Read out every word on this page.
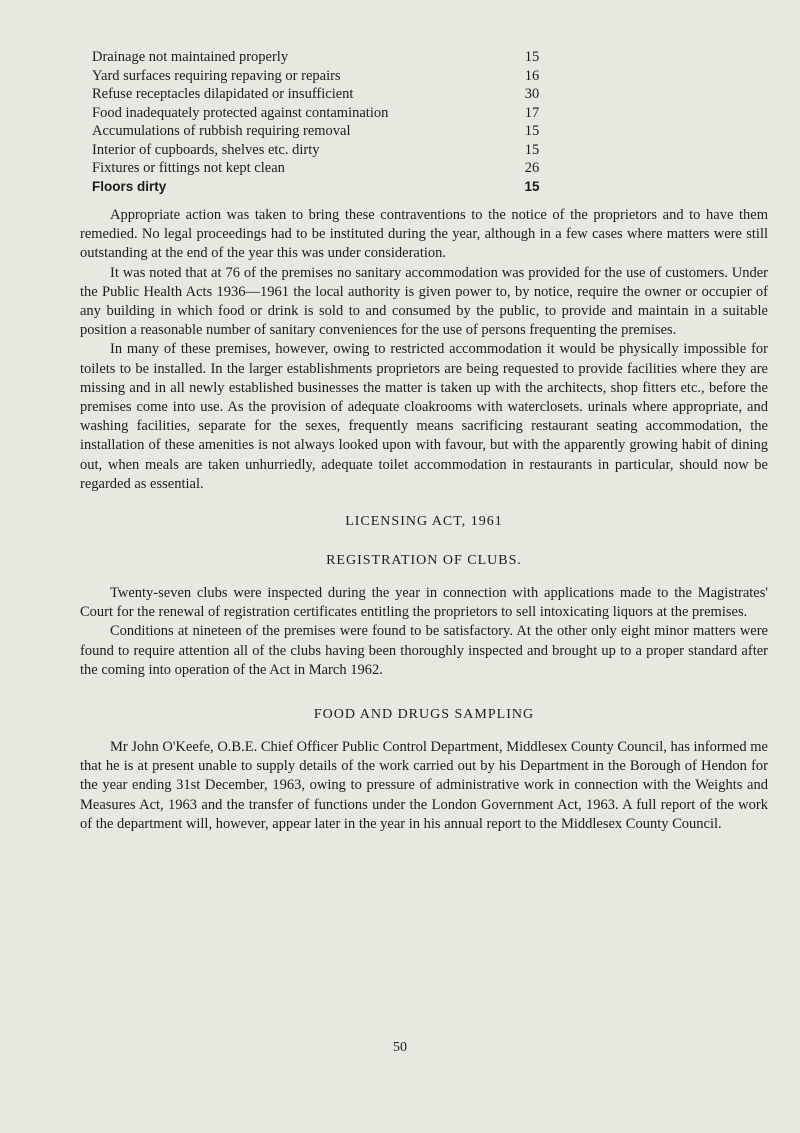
Drainage not maintained properly	15
Yard surfaces requiring repaving or repairs	16
Refuse receptacles dilapidated or insufficient	30
Food inadequately protected against contamination	17
Accumulations of rubbish requiring removal	15
Interior of cupboards, shelves etc. dirty	15
Fixtures or fittings not kept clean	26
Floors dirty	15

Appropriate action was taken to bring these contraventions to the notice of the proprietors and to have them remedied. No legal proceedings had to be instituted during the year, although in a few cases where matters were still outstanding at the end of the year this was under consideration.

It was noted that at 76 of the premises no sanitary accommodation was provided for the use of customers. Under the Public Health Acts 1936—1961 the local authority is given power to, by notice, require the owner or occupier of any building in which food or drink is sold to and consumed by the public, to provide and maintain in a suitable position a reasonable number of sanitary conveniences for the use of persons frequenting the premises.

In many of these premises, however, owing to restricted accommodation it would be physically impossible for toilets to be installed. In the larger establishments proprietors are being requested to provide facilities where they are missing and in all newly established businesses the matter is taken up with the architects, shop fitters etc., before the premises come into use. As the provision of adequate cloakrooms with waterclosets. urinals where appropriate, and washing facilities, separate for the sexes, frequently means sacrificing restaurant seating accommodation, the installation of these amenities is not always looked upon with favour, but with the apparently growing habit of dining out, when meals are taken unhurriedly, adequate toilet accommodation in restaurants in particular, should now be regarded as essential.

LICENSING ACT, 1961
REGISTRATION OF CLUBS.

Twenty-seven clubs were inspected during the year in connection with applications made to the Magistrates' Court for the renewal of registration certificates entitling the proprietors to sell intoxicating liquors at the premises.

Conditions at nineteen of the premises were found to be satisfactory. At the other only eight minor matters were found to require attention all of the clubs having been thoroughly inspected and brought up to a proper standard after the coming into operation of the Act in March 1962.

FOOD AND DRUGS SAMPLING

Mr John O'Keefe, O.B.E. Chief Officer Public Control Department, Middlesex County Council, has informed me that he is at present unable to supply details of the work carried out by his Department in the Borough of Hendon for the year ending 31st December, 1963, owing to pressure of administrative work in connection with the Weights and Measures Act, 1963 and the transfer of functions under the London Government Act, 1963. A full report of the work of the department will, however, appear later in the year in his annual report to the Middlesex County Council.

50
